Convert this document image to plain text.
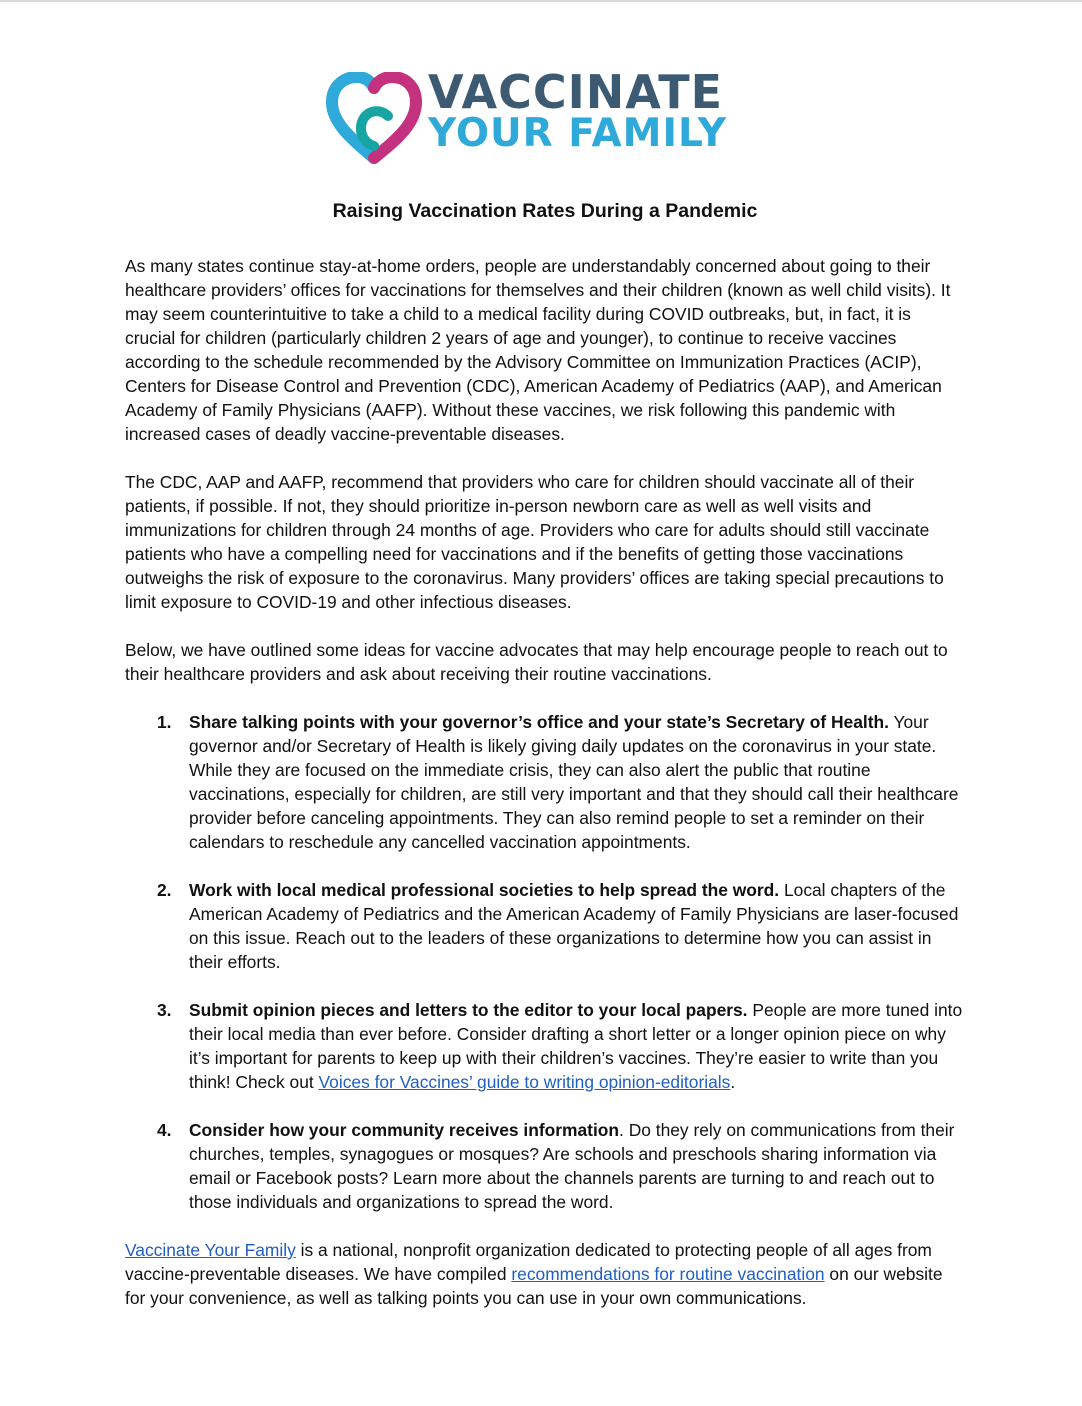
VACCINATE
YOUR FAMILY
Raising Vaccination Rates During a Pandemic

As many states continue stay-at-home orders, people are understandably concerned about going to their healthcare providers’ offices for vaccinations for themselves and their children (known as well child visits). It may seem counterintuitive to take a child to a medical facility during COVID outbreaks, but, in fact, it is crucial for children (particularly children 2 years of age and younger), to continue to receive vaccines according to the schedule recommended by the Advisory Committee on Immunization Practices (ACIP), Centers for Disease Control and Prevention (CDC), American Academy of Pediatrics (AAP), and American Academy of Family Physicians (AAFP). Without these vaccines, we risk following this pandemic with increased cases of deadly vaccine-preventable diseases.

The CDC, AAP and AAFP, recommend that providers who care for children should vaccinate all of their patients, if possible. If not, they should prioritize in-person newborn care as well as well visits and immunizations for children through 24 months of age. Providers who care for adults should still vaccinate patients who have a compelling need for vaccinations and if the benefits of getting those vaccinations outweighs the risk of exposure to the coronavirus. Many providers’ offices are taking special precautions to limit exposure to COVID-19 and other infectious diseases.

Below, we have outlined some ideas for vaccine advocates that may help encourage people to reach out to their healthcare providers and ask about receiving their routine vaccinations.

1. Share talking points with your governor’s office and your state’s Secretary of Health. Your governor and/or Secretary of Health is likely giving daily updates on the coronavirus in your state. While they are focused on the immediate crisis, they can also alert the public that routine vaccinations, especially for children, are still very important and that they should call their healthcare provider before canceling appointments. They can also remind people to set a reminder on their calendars to reschedule any cancelled vaccination appointments.
2. Work with local medical professional societies to help spread the word. Local chapters of the American Academy of Pediatrics and the American Academy of Family Physicians are laser-focused on this issue. Reach out to the leaders of these organizations to determine how you can assist in their efforts.
3. Submit opinion pieces and letters to the editor to your local papers. People are more tuned into their local media than ever before. Consider drafting a short letter or a longer opinion piece on why it’s important for parents to keep up with their children’s vaccines. They’re easier to write than you think! Check out Voices for Vaccines’ guide to writing opinion-editorials.
4. Consider how your community receives information. Do they rely on communications from their churches, temples, synagogues or mosques? Are schools and preschools sharing information via email or Facebook posts? Learn more about the channels parents are turning to and reach out to those individuals and organizations to spread the word.

Vaccinate Your Family is a national, nonprofit organization dedicated to protecting people of all ages from vaccine-preventable diseases. We have compiled recommendations for routine vaccination on our website for your convenience, as well as talking points you can use in your own communications.
